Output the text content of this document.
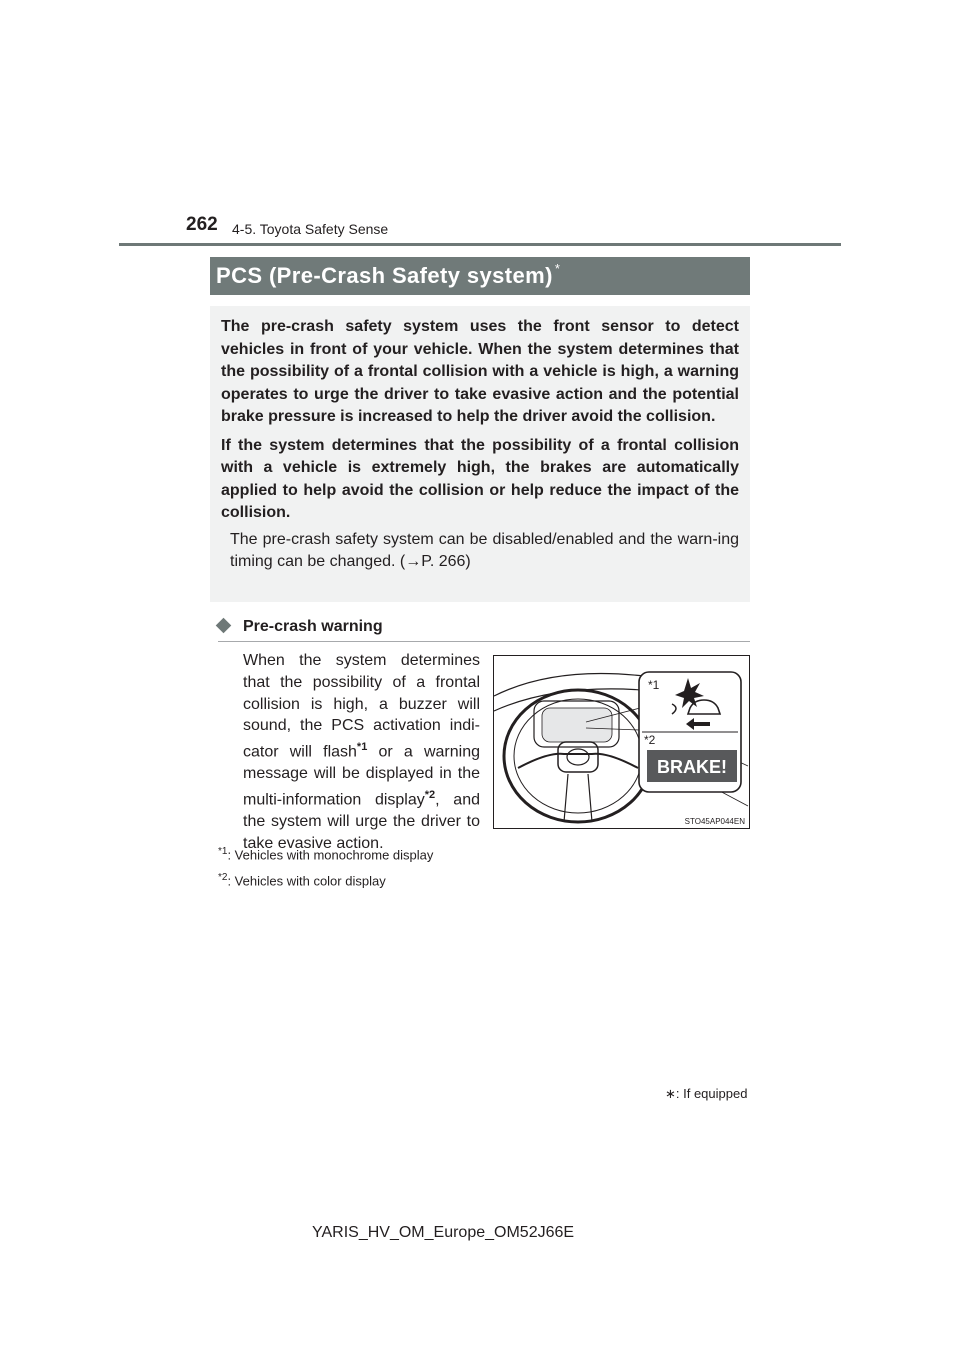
262 4-5. Toyota Safety Sense
PCS (Pre-Crash Safety system) *

The pre-crash safety system uses the front sensor to detect vehicles in front of your vehicle. When the system determines that the possibility of a frontal collision with a vehicle is high, a warning operates to urge the driver to take evasive action and the potential brake pressure is increased to help the driver avoid the collision.

If the system determines that the possibility of a frontal collision with a vehicle is extremely high, the brakes are automatically applied to help avoid the collision or help reduce the impact of the collision.

The pre-crash safety system can be disabled/enabled and the warn-ing timing can be changed. (→P. 266)

Pre-crash warning

When the system determines that the possibility of a frontal collision is high, a buzzer will sound, the PCS activation indi-cator will flash$^{*1}$ or a warning message will be displayed in the multi-information display$^{*2}$, and the system will urge the driver to take evasive action.

BRAKE!
*1
*2
STO45AP044EN
$^{*1}$: Vehicles with monochrome display
$^{*2}$: Vehicles with color display
∗: If equipped
YARIS_HV_OM_Europe_OM52J66E
